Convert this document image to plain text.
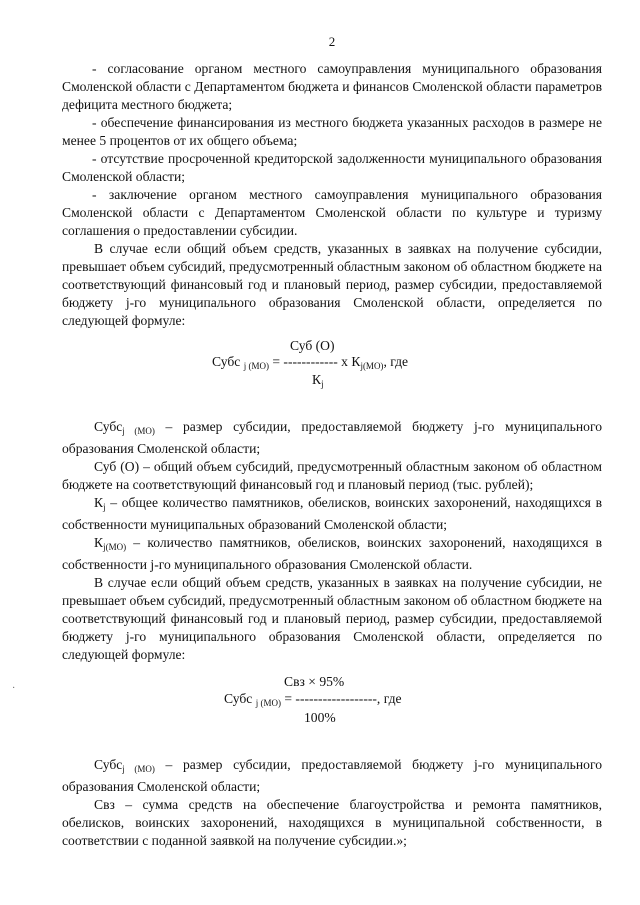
2

- согласование органом местного самоуправления муниципального образования Смоленской области с Департаментом бюджета и финансов Смоленской области параметров дефицита местного бюджета;

- обеспечение финансирования из местного бюджета указанных расходов в размере не менее 5 процентов от их общего объема;

- отсутствие просроченной кредиторской задолженности муниципального образования Смоленской области;

- заключение органом местного самоуправления муниципального образования Смоленской области с Департаментом Смоленской области по культуре и туризму соглашения о предоставлении субсидии.

В случае если общий объем средств, указанных в заявках на получение субсидии, превышает объем субсидий, предусмотренный областным законом об областном бюджете на соответствующий финансовый год и плановый период, размер субсидии, предоставляемой бюджету j-го муниципального образования Смоленской области, определяется по следующей формуле:

Суб (О)
Субс $_{j (МО)}$ = ------------ х $К_{j(МО)}$, где
$К_j$

Субс$_{j (МО)}$ – размер субсидии, предоставляемой бюджету j-го муниципального образования Смоленской области;

Суб (О) – общий объем субсидий, предусмотренный областным законом об областном бюджете на соответствующий финансовый год и плановый период (тыс. рублей);

$К_j$ – общее количество памятников, обелисков, воинских захоронений, находящихся в собственности муниципальных образований Смоленской области;

$К_{j(МО)}$ – количество памятников, обелисков, воинских захоронений, находящихся в собственности j-го муниципального образования Смоленской области.

В случае если общий объем средств, указанных в заявках на получение субсидии, не превышает объем субсидий, предусмотренный областным законом об областном бюджете на соответствующий финансовый год и плановый период, размер субсидии, предоставляемой бюджету j-го муниципального образования Смоленской области, определяется по следующей формуле:

Свз × 95%
Субс $_{j (МО)}$ = ------------------, где
100%

Субс$_{j (МО)}$ – размер субсидии, предоставляемой бюджету j-го муниципального образования Смоленской области;

Свз – сумма средств на обеспечение благоустройства и ремонта памятников, обелисков, воинских захоронений, находящихся в муниципальной собственности, в соответствии с поданной заявкой на получение субсидии.»;

·
